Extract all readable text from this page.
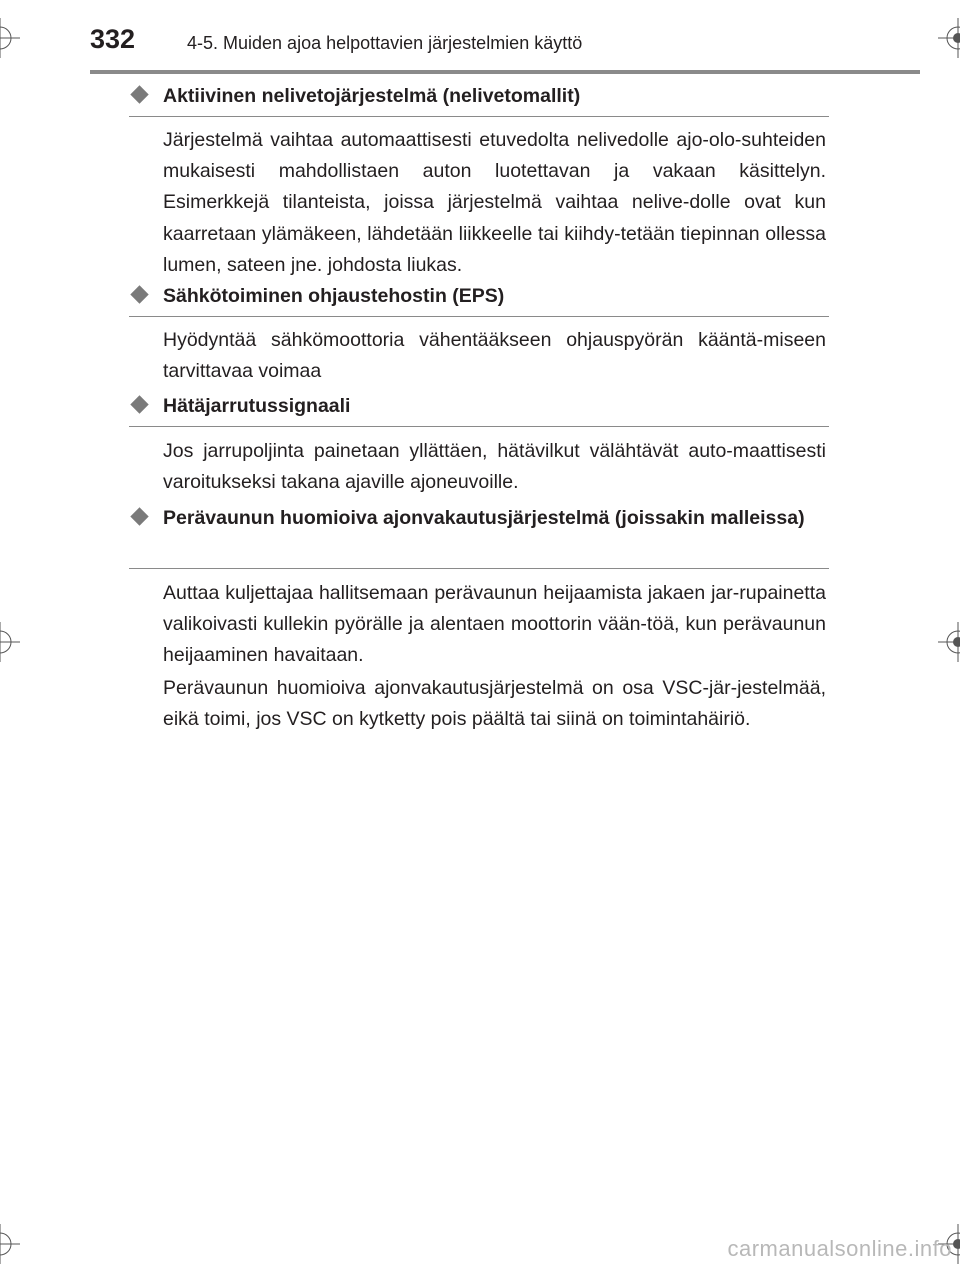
332	4-5. Muiden ajoa helpottavien järjestelmien käyttö
Aktiivinen nelivetojärjestelmä (nelivetomallit)

Järjestelmä vaihtaa automaattisesti etuvedolta nelivedolle ajo-olo-suhteiden mukaisesti mahdollistaen auton luotettavan ja vakaan käsittelyn. Esimerkkejä tilanteista, joissa järjestelmä vaihtaa nelive-dolle ovat kun kaarretaan ylämäkeen, lähdetään liikkeelle tai kiihdy-tetään tiepinnan ollessa lumen, sateen jne. johdosta liukas.

Sähkötoiminen ohjaustehostin (EPS)

Hyödyntää sähkömoottoria vähentääkseen ohjauspyörän kääntä-miseen tarvittavaa voimaa

Hätäjarrutussignaali

Jos jarrupoljinta painetaan yllättäen, hätävilkut välähtävät auto-maattisesti varoitukseksi takana ajaville ajoneuvoille.

Perävaunun huomioiva ajonvakautusjärjestelmä (joissakin malleissa)

Auttaa kuljettajaa hallitsemaan perävaunun heijaamista jakaen jar-rupainetta valikoivasti kullekin pyörälle ja alentaen moottorin vään-töä, kun perävaunun heijaaminen havaitaan.

Perävaunun huomioiva ajonvakautusjärjestelmä on osa VSC-jär-jestelmää, eikä toimi, jos VSC on kytketty pois päältä tai siinä on toimintahäiriö.

carmanualsonline.info
